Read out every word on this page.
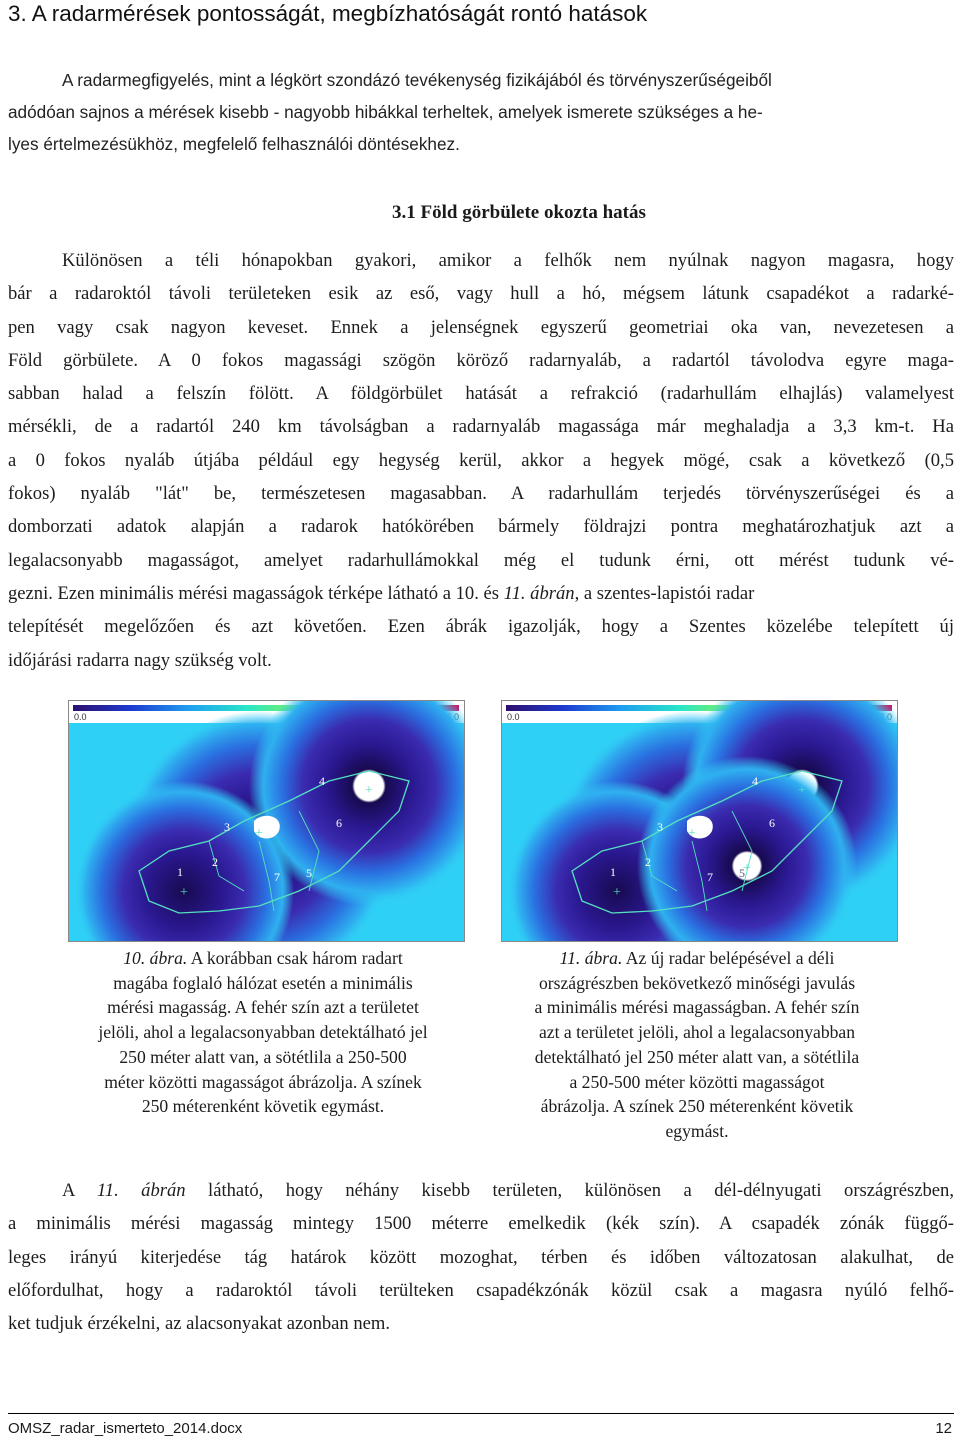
3. A radarmérések pontosságát, megbízhatóságát rontó hatások
A radarmegfigyelés, mint a légkört szondázó tevékenység fizikájából és törvényszerűségeiből
adódóan sajnos a mérések kisebb - nagyobb hibákkal terheltek, amelyek ismerete szükséges a he-
lyes értelmezésükhöz, megfelelő felhasználói döntésekhez.
3.1 Föld görbülete okozta hatás
Különösen a téli hónapokban gyakori, amikor a felhők nem nyúlnak nagyon magasra, hogy
bár a radaroktól távoli területeken esik az eső, vagy hull a hó, mégsem látunk csapadékot a radarké-
pen vagy csak nagyon keveset. Ennek a jelenségnek egyszerű geometriai oka van, nevezetesen a
Föld görbülete. A 0 fokos magassági szögön köröző radarnyaláb, a radartól távolodva egyre maga-
sabban halad a felszín fölött. A földgörbület hatását a refrakció (radarhullám elhajlás) valamelyest
mérsékli, de a radartól 240 km távolságban a radarnyaláb magassága már meghaladja a 3,3 km-t. Ha
a 0 fokos nyaláb útjába például egy hegység kerül, akkor a hegyek mögé, csak a következő (0,5
fokos) nyaláb "lát" be, természetesen magasabban. A radarhullám terjedés törvényszerűségei és a
domborzati adatok alapján a radarok hatókörében bármely földrajzi pontra meghatározhatjuk azt a
legalacsonyabb magasságot, amelyet radarhullámokkal még el tudunk érni, ott mérést tudunk vé-
gezni. Ezen minimális mérési magasságok térképe látható a 10. és 11. ábrán, a szentes-lapistói radar
telepítését megelőzően és azt követően. Ezen ábrák igazolják, hogy a Szentes közelébe telepített új
időjárási radarra nagy szükség volt.
0.0
4
6
3
2
1	5
7
+
+
+
10. ábra. A korábban csak három radart
magába foglaló hálózat esetén a minimális
mérési magasság. A fehér szín azt a területet
jelöli, ahol a legalacsonyabban detektálható jel
250 méter alatt van, a sötétlila a 250-500
méter közötti magasságot ábrázolja. A színek
250 méterenként követik egymást.
0.0
4
6
3
2
1	5
7
+
+
+
+
11. ábra. Az új radar belépésével a déli
országrészben bekövetkező minőségi javulás
a minimális mérési magasságban. A fehér szín
azt a területet jelöli, ahol a legalacsonyabban
detektálható jel 250 méter alatt van, a sötétlila
a 250-500 méter közötti magasságot
ábrázolja. A színek 250 méterenként követik
egymást.
A 11. ábrán látható, hogy néhány kisebb területen, különösen a dél-délnyugati országrészben,
a minimális mérési magasság mintegy 1500 méterre emelkedik (kék szín). A csapadék zónák függő-
leges irányú kiterjedése tág határok között mozoghat, térben és időben változatosan alakulhat, de
előfordulhat, hogy a radaroktól távoli terülteken csapadékzónák közül csak a magasra nyúló felhő-
ket tudjuk érzékelni, az alacsonyakat azonban nem.
OMSZ_radar_ismerteto_2014.docx	12
